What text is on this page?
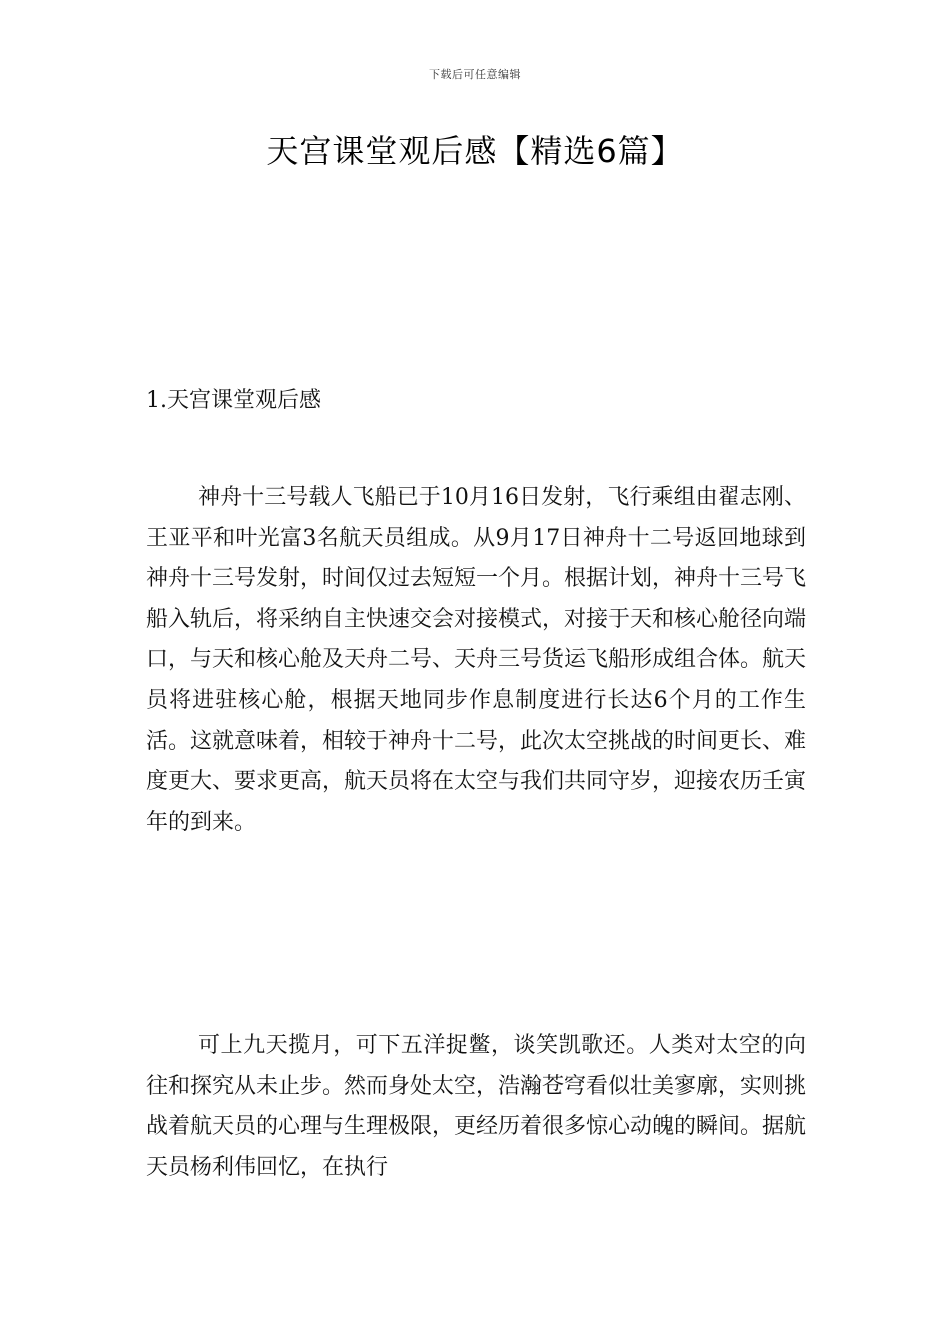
下载后可任意编辑
天宫课堂观后感【精选6篇】
1.天宫课堂观后感

神舟十三号载人飞船已于10月16日发射，飞行乘组由翟志刚、王亚平和叶光富3名航天员组成。从9月17日神舟十二号返回地球到神舟十三号发射，时间仅过去短短一个月。根据计划，神舟十三号飞船入轨后，将采纳自主快速交会对接模式，对接于天和核心舱径向端口，与天和核心舱及天舟二号、天舟三号货运飞船形成组合体。航天员将进驻核心舱，根据天地同步作息制度进行长达6个月的工作生活。这就意味着，相较于神舟十二号，此次太空挑战的时间更长、难度更大、要求更高，航天员将在太空与我们共同守岁，迎接农历壬寅年的到来。

可上九天揽月，可下五洋捉鳖，谈笑凯歌还。人类对太空的向往和探究从未止步。然而身处太空，浩瀚苍穹看似壮美寥廓，实则挑战着航天员的心理与生理极限，更经历着很多惊心动魄的瞬间。据航天员杨利伟回忆，在执行
